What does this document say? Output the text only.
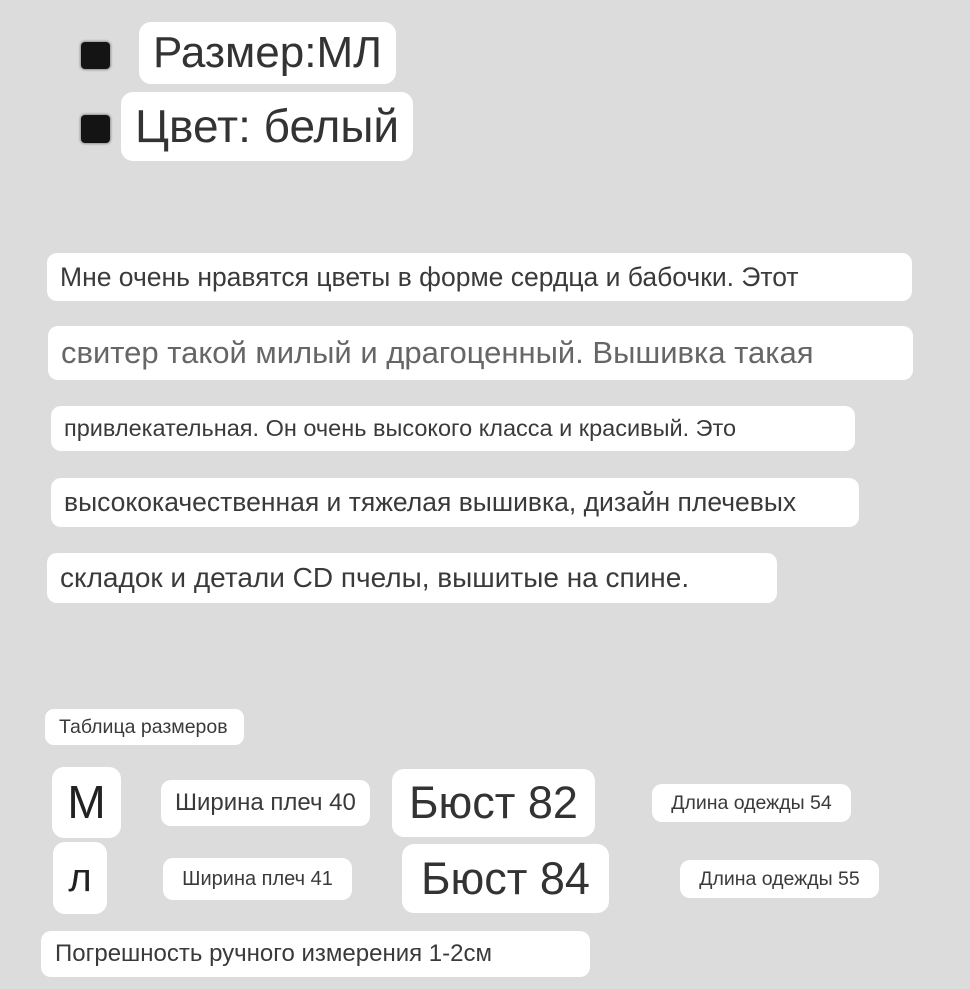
Размер:МЛ
Цвет: белый
Мне очень нравятся цветы в форме сердца и бабочки. Этот
свитер такой милый и драгоценный. Вышивка такая
привлекательная. Он очень высокого класса и красивый. Это
высококачественная и тяжелая вышивка, дизайн плечевых
складок и детали CD пчелы, вышитые на спине.
Таблица размеров
М	Ширина плеч 40	Бюст 82	Длина одежды 54
л	Ширина плеч 41	Бюст 84	Длина одежды 55
Погрешность ручного измерения 1-2см
